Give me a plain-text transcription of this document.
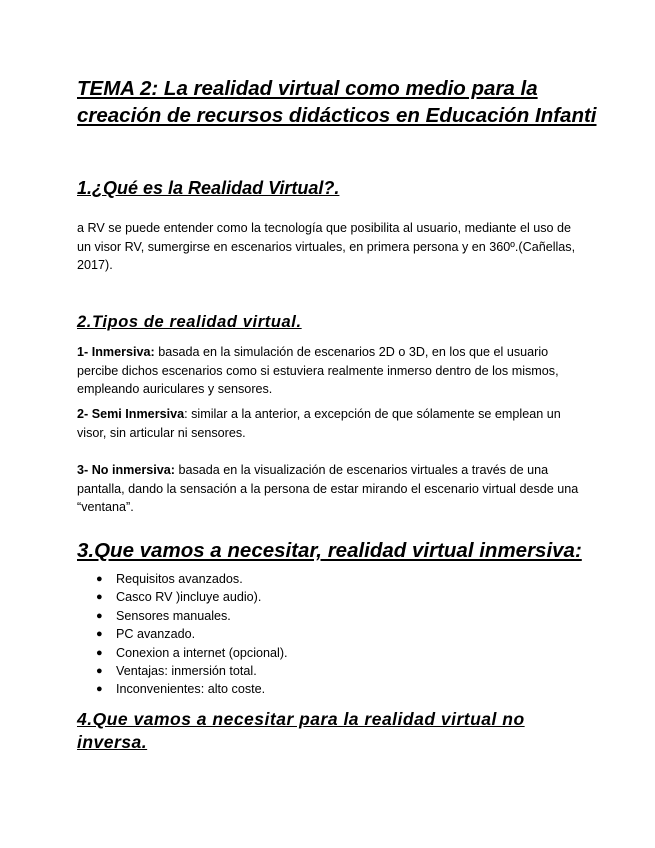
TEMA 2: La realidad virtual como medio para la creación de recursos didácticos en Educación Infanti
1.¿Qué es la Realidad Virtual?.
a RV se puede entender como la tecnología que posibilita al usuario, mediante el uso de un visor RV, sumergirse en escenarios virtuales, en primera persona y en 360º.(Cañellas, 2017).
2.Tipos de realidad virtual.
1- Inmersiva: basada en la simulación de escenarios 2D o 3D, en los que el usuario percibe dichos escenarios como si estuviera realmente inmerso dentro de los mismos, empleando auriculares y sensores.
2- Semi Inmersiva: similar a la anterior, a excepción de que sólamente se emplean un visor, sin articular ni sensores.
3- No inmersiva: basada en la visualización de escenarios virtuales a través de una pantalla, dando la sensación a la persona de estar mirando el escenario virtual desde una “ventana”.
3.Que vamos a necesitar, realidad virtual inmersiva:
● Requisitos avanzados.
● Casco RV )incluye audio).
● Sensores manuales.
● PC avanzado.
● Conexion a internet (opcional).
● Ventajas: inmersión total.
● Inconvenientes: alto coste.
4.Que vamos a necesitar para la realidad virtual no inversa.
